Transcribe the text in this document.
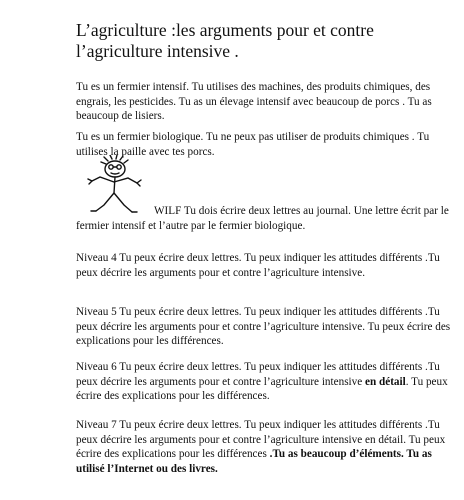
L’agriculture :les arguments pour et contre
l’agriculture intensive .

Tu es un fermier intensif. Tu utilises des machines, des produits chimiques, des engrais, les pesticides. Tu as un élevage intensif avec beaucoup de porcs . Tu as beaucoup de lisiers.

Tu es un fermier biologique. Tu ne peux pas utiliser de produits chimiques . Tu utilises la paille avec tes porcs.

WILF Tu dois écrire deux lettres au journal. Une lettre écrit par le fermier intensif et l’autre par le fermier biologique.

Niveau 4 Tu peux écrire deux lettres. Tu peux indiquer les attitudes différents .Tu peux décrire les arguments pour et contre l’agriculture intensive.

Niveau 5 Tu peux écrire deux lettres. Tu peux indiquer les attitudes différents .Tu peux décrire les arguments pour et contre l’agriculture intensive. Tu peux écrire des explications pour les différences.

Niveau 6 Tu peux écrire deux lettres. Tu peux indiquer les attitudes différents .Tu peux décrire les arguments pour et contre l’agriculture intensive en détail. Tu peux écrire des explications pour les différences.

Niveau 7 Tu peux écrire deux lettres. Tu peux indiquer les attitudes différents .Tu peux décrire les arguments pour et contre l’agriculture intensive en détail. Tu peux écrire des explications pour les différences .Tu as beaucoup d’éléments. Tu as utilisé l’Internet ou des livres.
